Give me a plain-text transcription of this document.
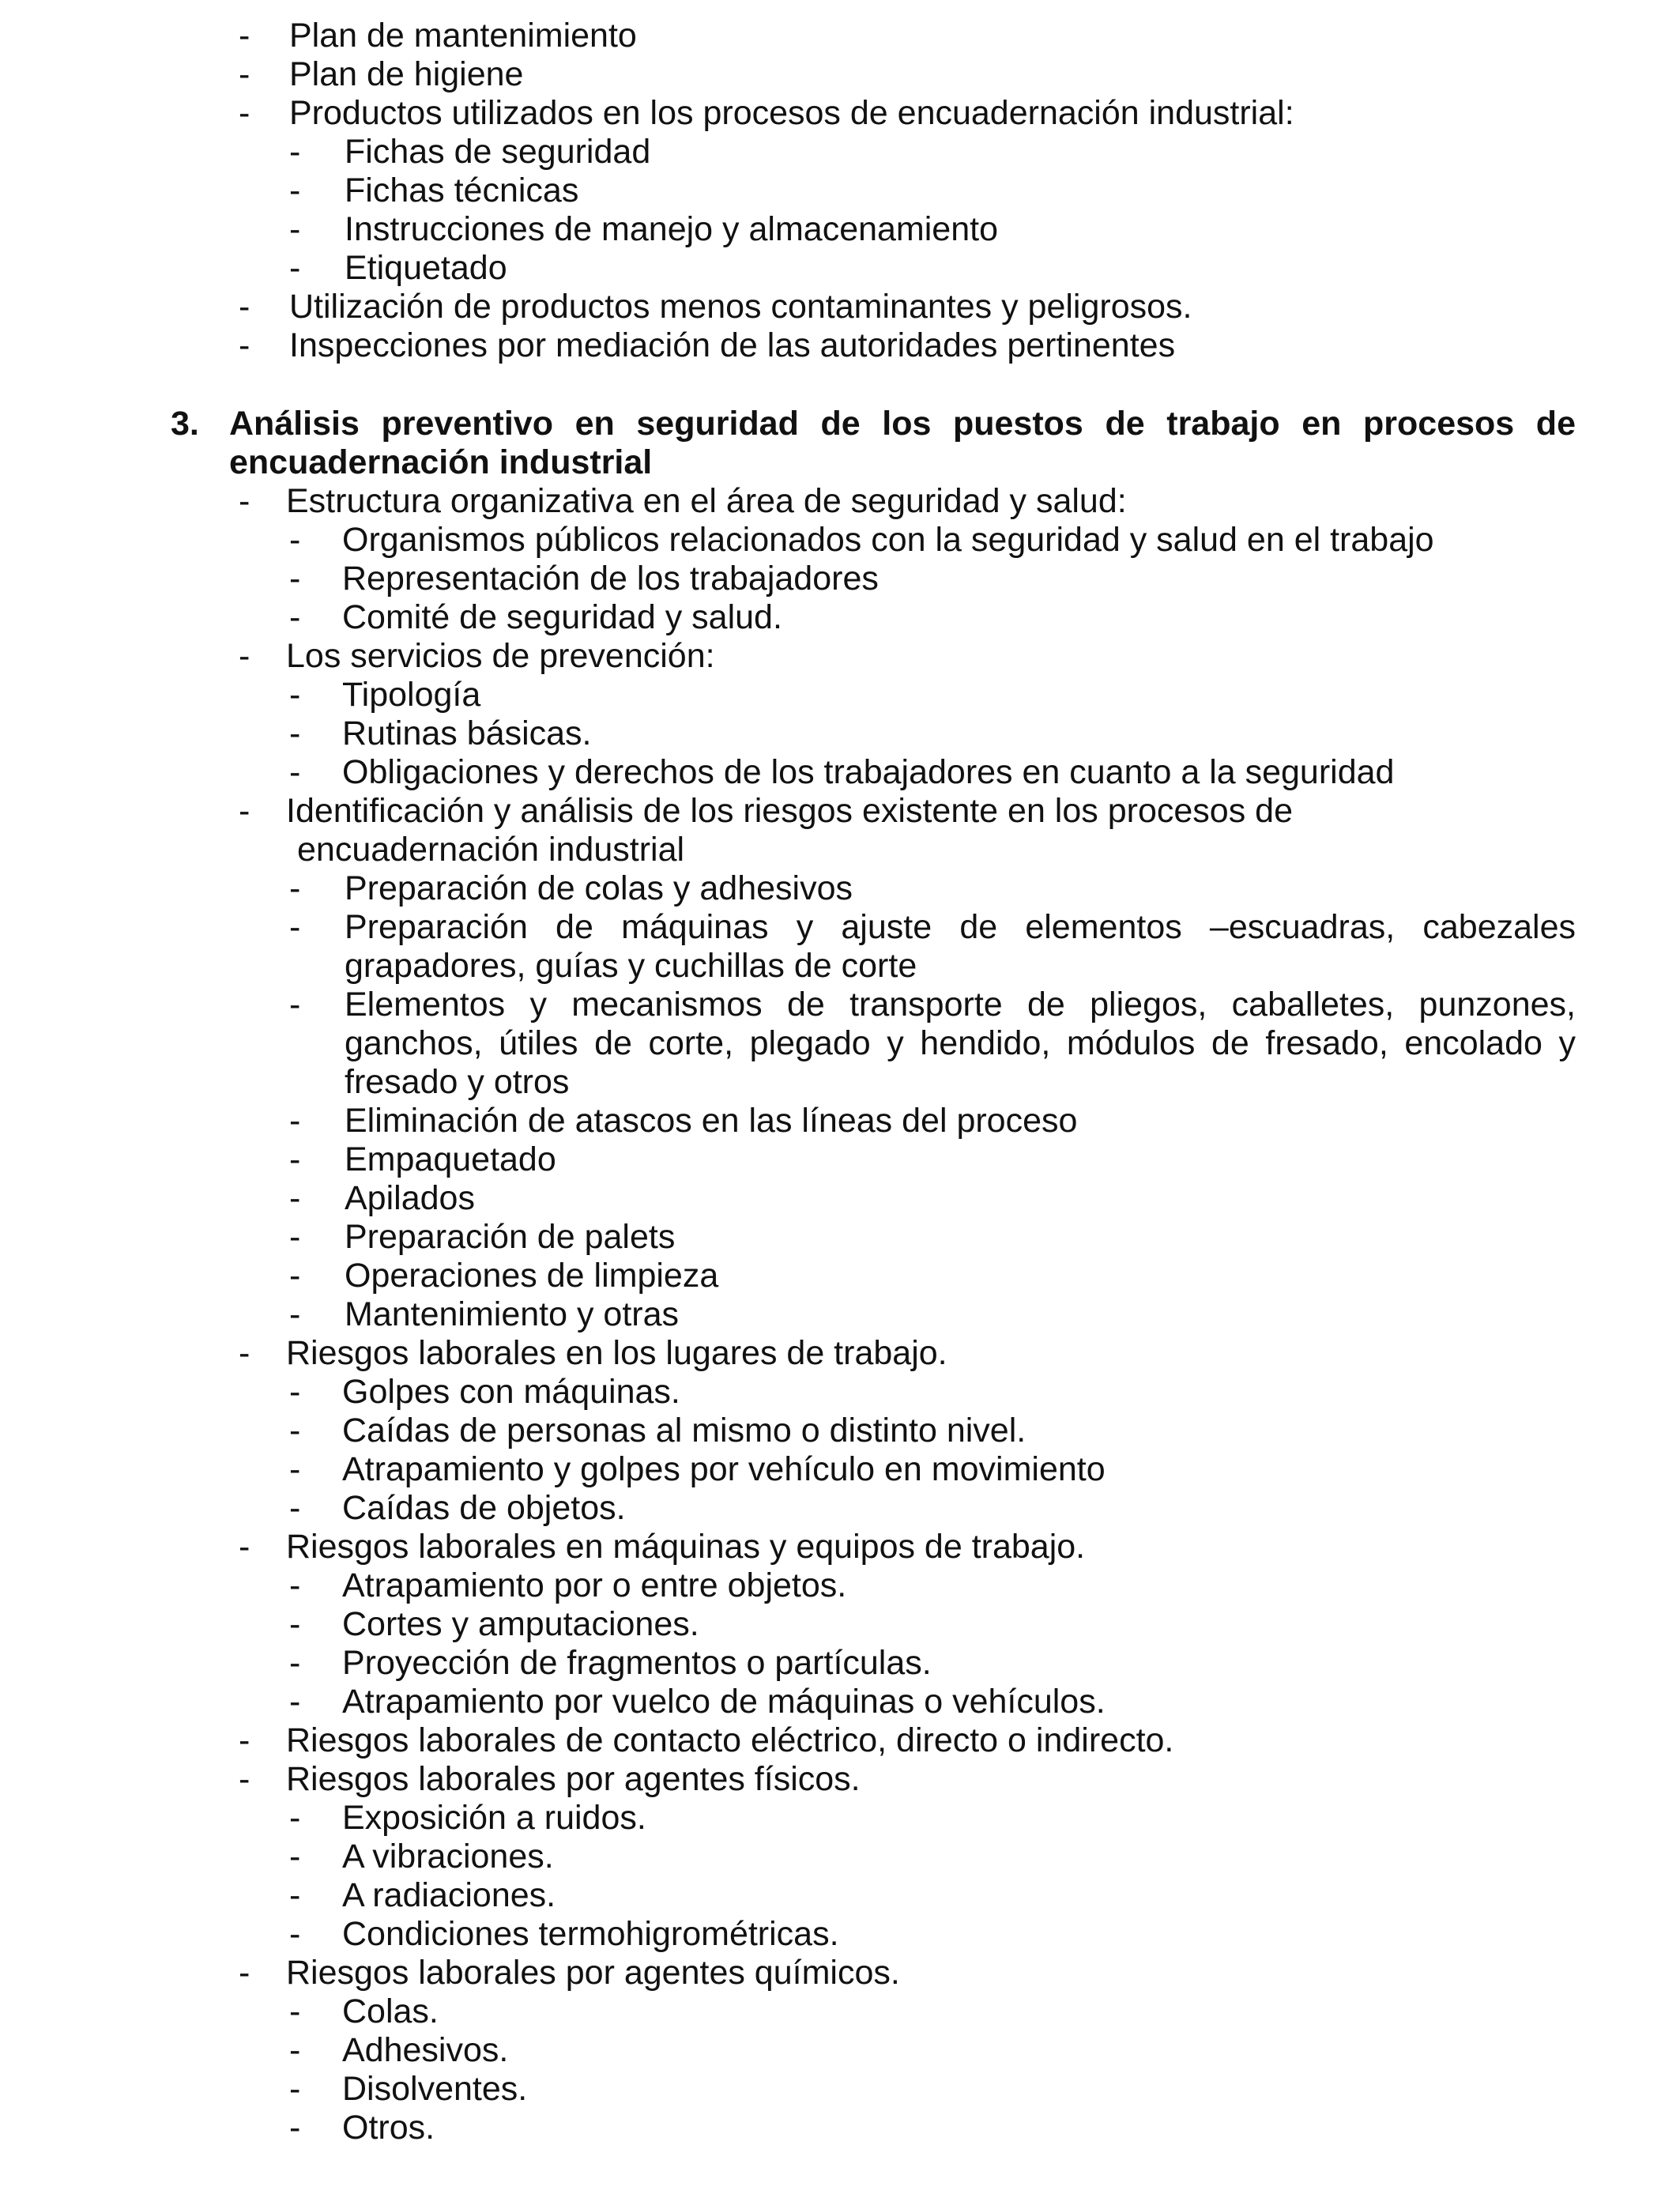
- Plan de mantenimiento
- Plan de higiene
- Productos utilizados en los procesos de encuadernación industrial:
- Fichas de seguridad
- Fichas técnicas
- Instrucciones de manejo y almacenamiento
- Etiquetado
- Utilización de productos menos contaminantes y peligrosos.
- Inspecciones por mediación de las autoridades pertinentes
3. Análisis preventivo en seguridad de los puestos de trabajo en procesos de
encuadernación industrial
- Estructura organizativa en el área de seguridad y salud:
- Organismos públicos relacionados con la seguridad y salud en el trabajo
- Representación de los trabajadores
- Comité de seguridad y salud.
- Los servicios de prevención:
- Tipología
- Rutinas básicas.
- Obligaciones y derechos de los trabajadores en cuanto a la seguridad
- Identificación y análisis de los riesgos existente en los procesos de
encuadernación industrial
- Preparación de colas y adhesivos
- Preparación de máquinas y ajuste de elementos –escuadras, cabezales
grapadores, guías y cuchillas de corte
- Elementos y mecanismos de transporte de pliegos, caballetes, punzones,
ganchos, útiles de corte, plegado y hendido, módulos de fresado, encolado y
fresado y otros
- Eliminación de atascos en las líneas del proceso
- Empaquetado
- Apilados
- Preparación de palets
- Operaciones de limpieza
- Mantenimiento y otras
- Riesgos laborales en los lugares de trabajo.
- Golpes con máquinas.
- Caídas de personas al mismo o distinto nivel.
- Atrapamiento y golpes por vehículo en movimiento
- Caídas de objetos.
- Riesgos laborales en máquinas y equipos de trabajo.
- Atrapamiento por o entre objetos.
- Cortes y amputaciones.
- Proyección de fragmentos o partículas.
- Atrapamiento por vuelco de máquinas o vehículos.
- Riesgos laborales de contacto eléctrico, directo o indirecto.
- Riesgos laborales por agentes físicos.
- Exposición a ruidos.
- A vibraciones.
- A radiaciones.
- Condiciones termohigrométricas.
- Riesgos laborales por agentes químicos.
- Colas.
- Adhesivos.
- Disolventes.
- Otros.
